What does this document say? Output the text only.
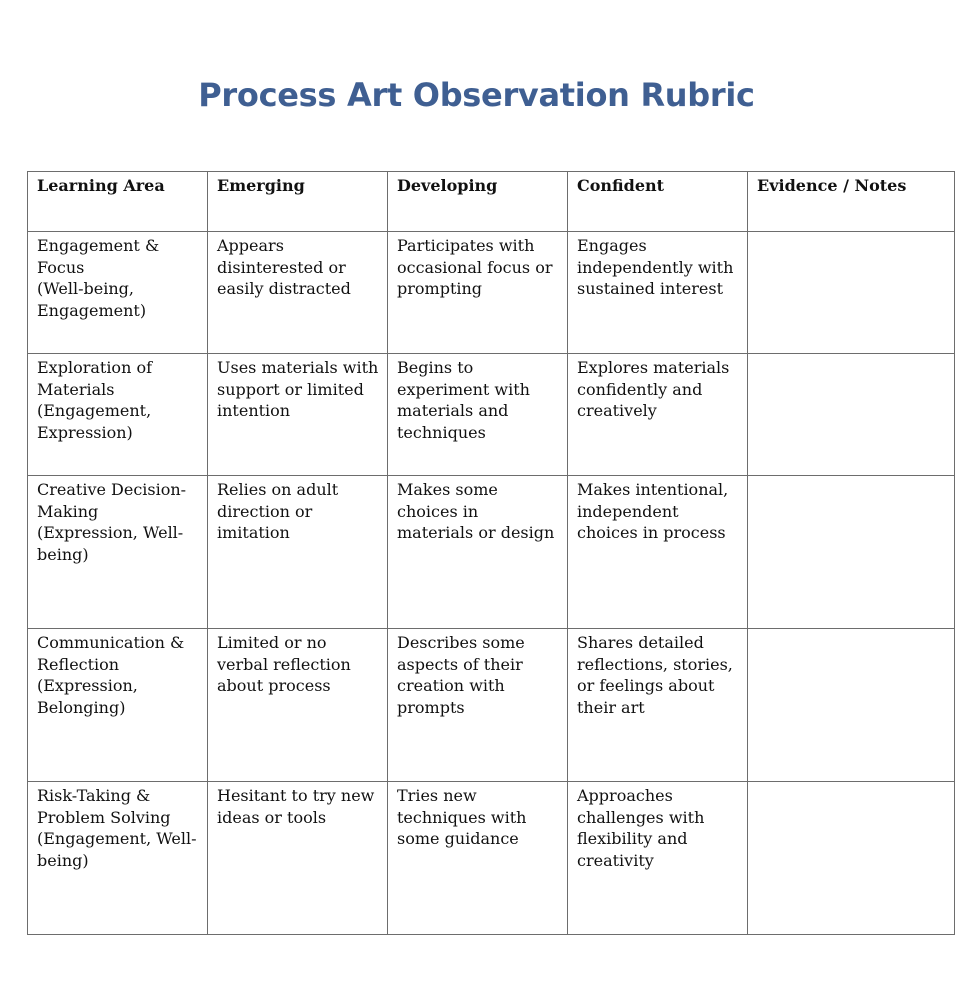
Process Art Observation Rubric
Learning Area	Emerging	Developing	Confident	Evidence / Notes

Engagement & Focus
(Well-being, Engagement)	Appears disinterested or easily distracted	Participates with occasional focus or prompting	Engages independently with sustained interest	

Exploration of Materials
(Engagement, Expression)	Uses materials with support or limited intention	Begins to experiment with materials and techniques	Explores materials confidently and creatively	

Creative Decision-Making
(Expression, Well-being)	Relies on adult direction or imitation	Makes some choices in materials or design	Makes intentional, independent choices in process	

Communication & Reflection
(Expression, Belonging)	Limited or no verbal reflection about process	Describes some aspects of their creation with prompts	Shares detailed reflections, stories, or feelings about their art	

Risk-Taking & Problem Solving
(Engagement, Well-being)	Hesitant to try new ideas or tools	Tries new techniques with some guidance	Approaches challenges with flexibility and creativity	
